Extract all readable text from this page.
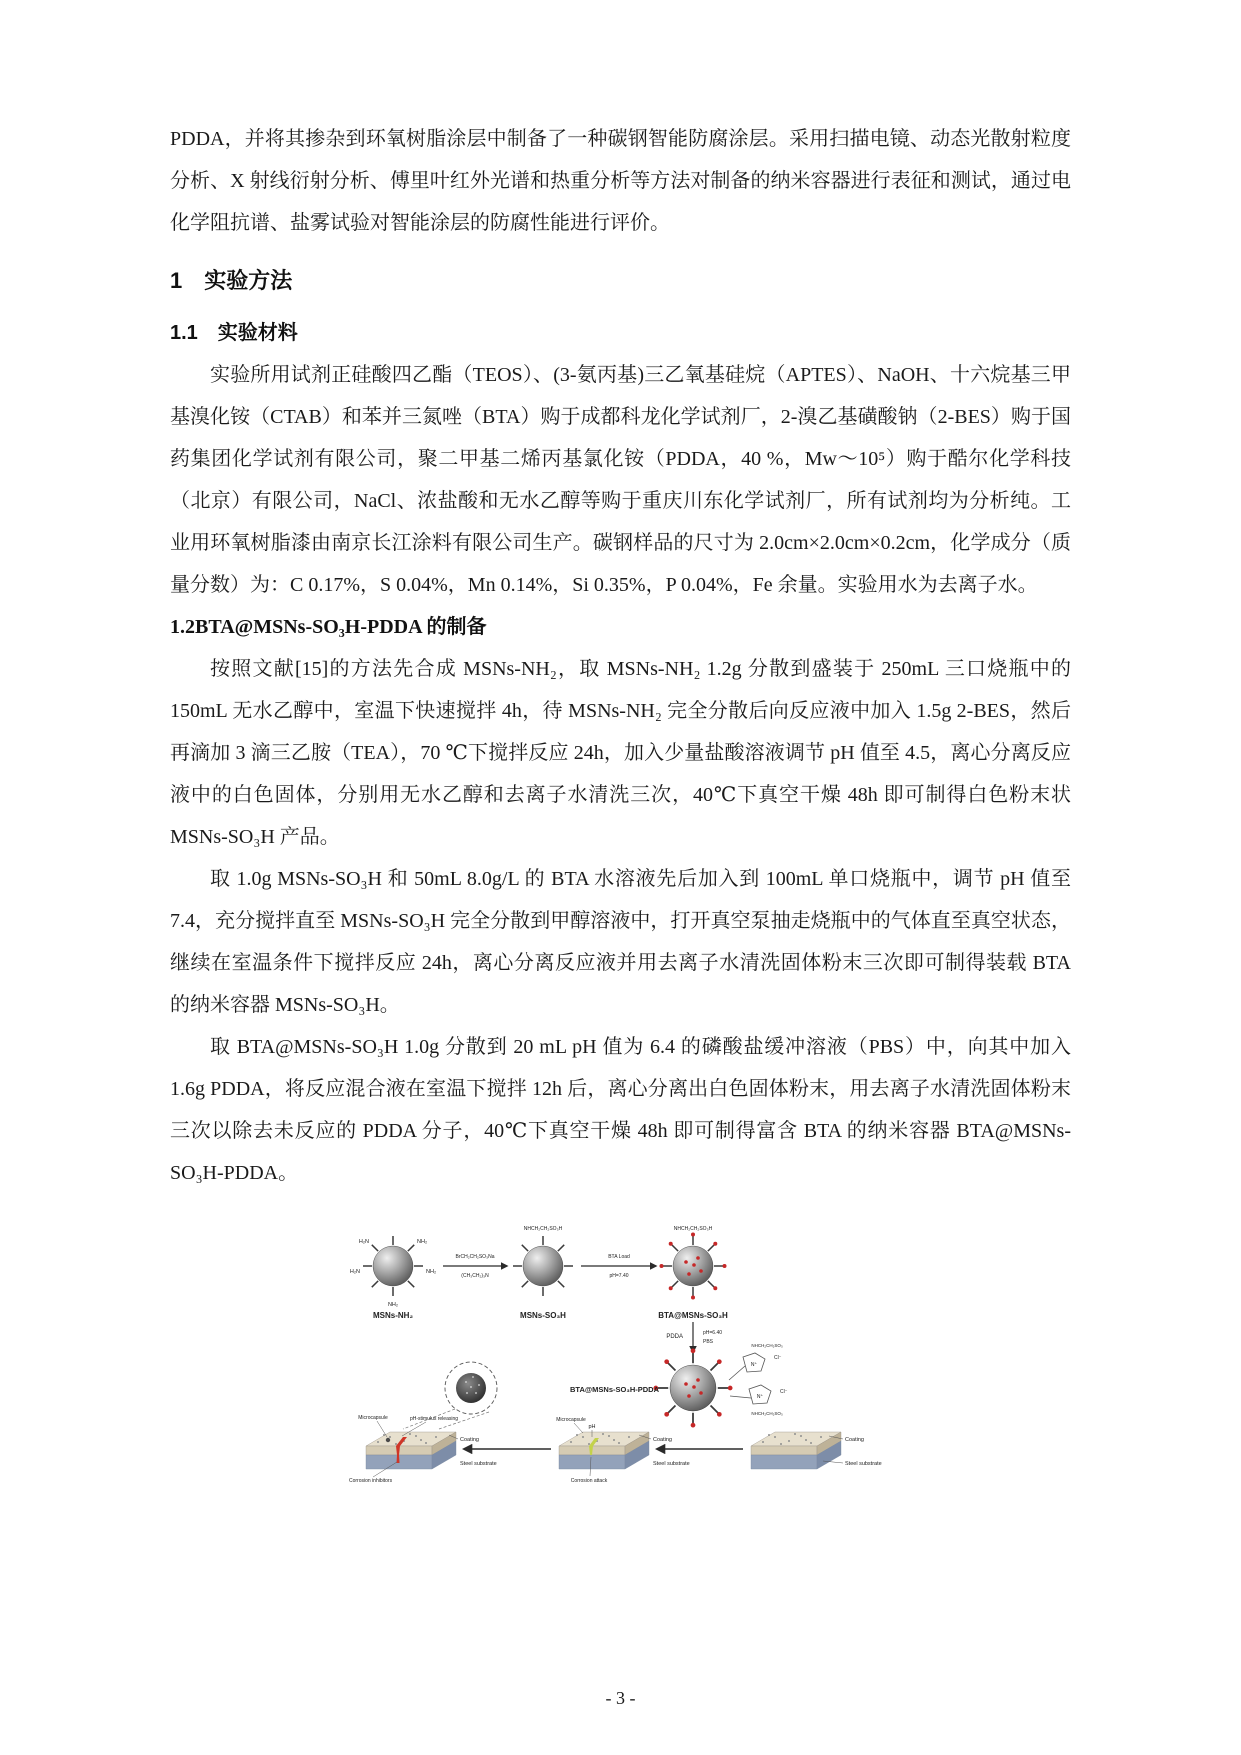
PDDA，并将其掺杂到环氧树脂涂层中制备了一种碳钢智能防腐涂层。采用扫描电镜、动态光散射粒度分析、X 射线衍射分析、傅里叶红外光谱和热重分析等方法对制备的纳米容器进行表征和测试，通过电化学阻抗谱、盐雾试验对智能涂层的防腐性能进行评价。

1　实验方法
1.1　实验材料

实验所用试剂正硅酸四乙酯（TEOS）、(3-氨丙基)三乙氧基硅烷（APTES）、NaOH、十六烷基三甲基溴化铵（CTAB）和苯并三氮唑（BTA）购于成都科龙化学试剂厂，2-溴乙基磺酸钠（2-BES）购于国药集团化学试剂有限公司，聚二甲基二烯丙基氯化铵（PDDA，40 %，Mw～10⁵）购于酷尔化学科技（北京）有限公司，NaCl、浓盐酸和无水乙醇等购于重庆川东化学试剂厂，所有试剂均为分析纯。工业用环氧树脂漆由南京长江涂料有限公司生产。碳钢样品的尺寸为 2.0cm×2.0cm×0.2cm，化学成分（质量分数）为：C 0.17%，S 0.04%，Mn 0.14%，Si 0.35%，P 0.04%，Fe 余量。实验用水为去离子水。

1.2BTA@MSNs-SO₃H-PDDA 的制备

按照文献[15]的方法先合成 MSNs-NH₂，取 MSNs-NH₂ 1.2g 分散到盛装于 250mL 三口烧瓶中的 150mL 无水乙醇中，室温下快速搅拌 4h，待 MSNs-NH₂ 完全分散后向反应液中加入 1.5g 2-BES，然后再滴加 3 滴三乙胺（TEA），70 ℃下搅拌反应 24h，加入少量盐酸溶液调节 pH 值至 4.5，离心分离反应液中的白色固体，分别用无水乙醇和去离子水清洗三次，40℃下真空干燥 48h 即可制得白色粉末状 MSNs-SO₃H 产品。

取 1.0g MSNs-SO₃H 和 50mL 8.0g/L 的 BTA 水溶液先后加入到 100mL 单口烧瓶中，调节 pH 值至 7.4，充分搅拌直至 MSNs-SO₃H 完全分散到甲醇溶液中，打开真空泵抽走烧瓶中的气体直至真空状态，继续在室温条件下搅拌反应 24h，离心分离反应液并用去离子水清洗固体粉末三次即可制得装载 BTA 的纳米容器 MSNs-SO₃H。

取 BTA@MSNs-SO₃H 1.0g 分散到 20 mL pH 值为 6.4 的磷酸盐缓冲溶液（PBS）中，向其中加入 1.6g PDDA，将反应混合液在室温下搅拌 12h 后，离心分离出白色固体粉末，用去离子水清洗固体粉末三次以除去未反应的 PDDA 分子，40℃下真空干燥 48h 即可制得富含 BTA 的纳米容器 BTA@MSNs-SO₃H-PDDA。

H₂N	NH₂
H₂N	NH₂
NH₂
MSNs-NH₂
BrCH₂CH₂SO₃Na
(CH₃CH₂)₃N
NHCH₂CH₂SO₃H
MSNs-SO₃H
BTA Load
pH=7.40
NHCH₂CH₂SO₃H
BTA@MSNs-SO₃H
PDDA
pH=6.40
PBS
BTA@MSNs-SO₃H-PDDA
N⁺
Cl⁻
N⁺
Cl⁻
NHCH₂CH₂SO₃
NHCH₂CH₂SO₃
Coating
Steel substrate
pH
Microcapsule
Coating
Steel substrate
Corrosion attack
Microcapsule	pH-stimulus releasing
Coating
Steel substrate
Corrosion inhibitors
- 3 -
